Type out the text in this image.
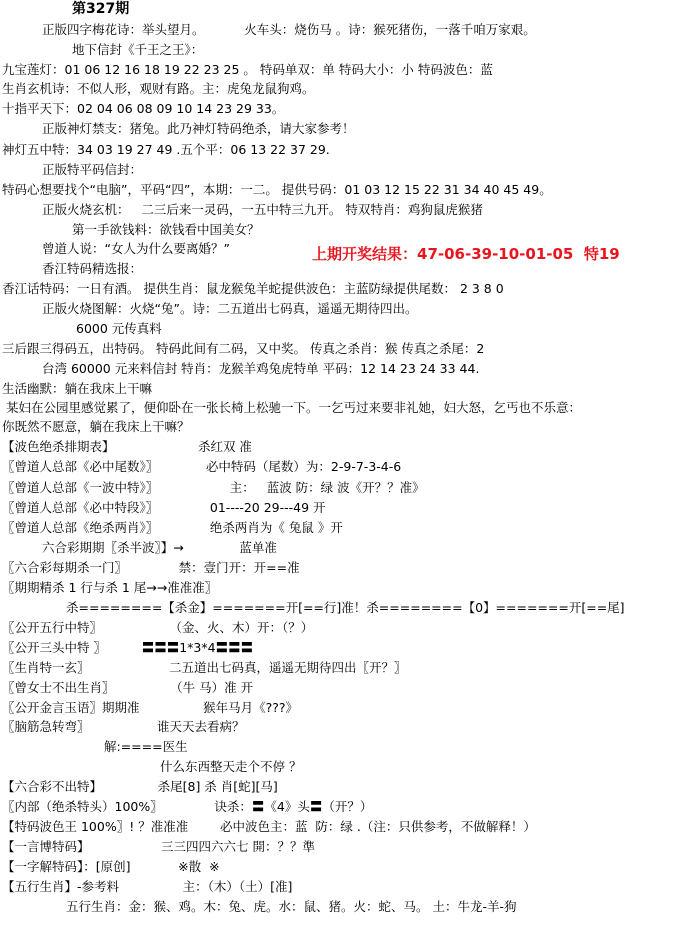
第327期
正版四字梅花诗：举头望月。          火车头：烧伤马 。诗：猴死猪伤，一落千咱万家艰。
地下信封《千王之王》：
九宝莲灯：01 06 12 16 18 19 22 23 25 。 特码单双：单 特码大小：小 特码波色：蓝
生肖玄机诗：不似人形，观财有路。主：虎兔龙鼠狗鸡。
十指平天下：02 04 06 08 09 10 14 23 29 33。
正版神灯禁支：猪兔。此乃神灯特码绝杀，请大家参考！
神灯五中特：34 03 19 27 49 .五个平：06 13 22 37 29.
正版特平码信封：
特码心想要找个“电脑”，平码“四”，本期：一二。 提供号码：01 03 12 15 22 31 34 40 45 49。
正版火烧玄机：   二三后来一灵码，一五中特三九开。 特双特肖：鸡狗鼠虎猴猪
第一手欲钱料：欲钱看中国美女？
曾道人说：“女人为什么要离婚？”	上期开奖结果：47-06-39-10-01-05  特19
香江特码精选报：
香江话特码：一日有酒。 提供生肖：鼠龙猴兔羊蛇提供波色：主蓝防绿提供尾数： 2 3 8 0
正版火烧图解：火烧“兔”。诗：二五道出七码真，遥遥无期待四出。
6000 元传真料
三后跟三得码五，出特码。 特码此间有二码，又中奖。 传真之杀肖：猴 传真之杀尾：2
台湾 60000 元来料信封 特肖：龙猴羊鸡兔虎特单 平码：12 14 23 24 33 44.
生活幽默：躺在我床上干嘛
某妇在公园里感觉累了，便仰卧在一张长椅上松驰一下。一乞丐过来要非礼她，妇大怒，乞丐也不乐意：
你既然不愿意，躺在我床上干嘛？
【波色绝杀排期表】                     杀红双 准
〖曾道人总部《必中尾数》〗            必中特码（尾数）为：2-9-7-3-4-6
〖曾道人总部《一波中特》〗                  主：   蓝波 防：绿 波《开？？准》
〖曾道人总部《必中特段》〗             01----20 29---49 开
〖曾道人总部《绝杀两肖》〗             绝杀两肖为《 兔鼠 》开
六合彩期期〖杀半波〗】→              蓝单准
〖六合彩每期杀一门〗             禁：壹门开：开==准
〖期期精杀 1 行与杀 1 尾→→准准准〗
杀========【杀金】=======开[==行]准！杀========【0】=======开[==尾]
〖公开五行中特〗                 （金、火、木）开：（？）
〖公开三头中特 〗         〓〓〓1*3*4〓〓〓
〖生肖特一玄〗                    二五道出七码真，遥遥无期待四出〖开？〗
〖曾女士不出生肖〗              （牛 马）准 开
〖公开金言玉语〗期期准                猴年马月《???》
〖脑筋急转弯〗                 谁天天去看病？
解:====医生
什么东西整天走个不停 ？
【六合彩不出特】              杀尾[8] 杀 肖[蛇][马]
〖内部（绝杀特头）100%〗             诀杀：〓《4》头〓（开？）
【特码波色王 100%〗! ？准准准        必中波色主：蓝  防：绿 .（注：只供参考，不做解释！）
【一言博特码】                  三三四四六六七 開：？？準
【一字解特码】：[原创]            ※散  ※
【五行生肖】-参考料                主：（木）（土）[准]
五行生肖：金：猴、鸡。木：兔、虎。水：鼠、猪。火：蛇、马。 土：牛龙-羊-狗
